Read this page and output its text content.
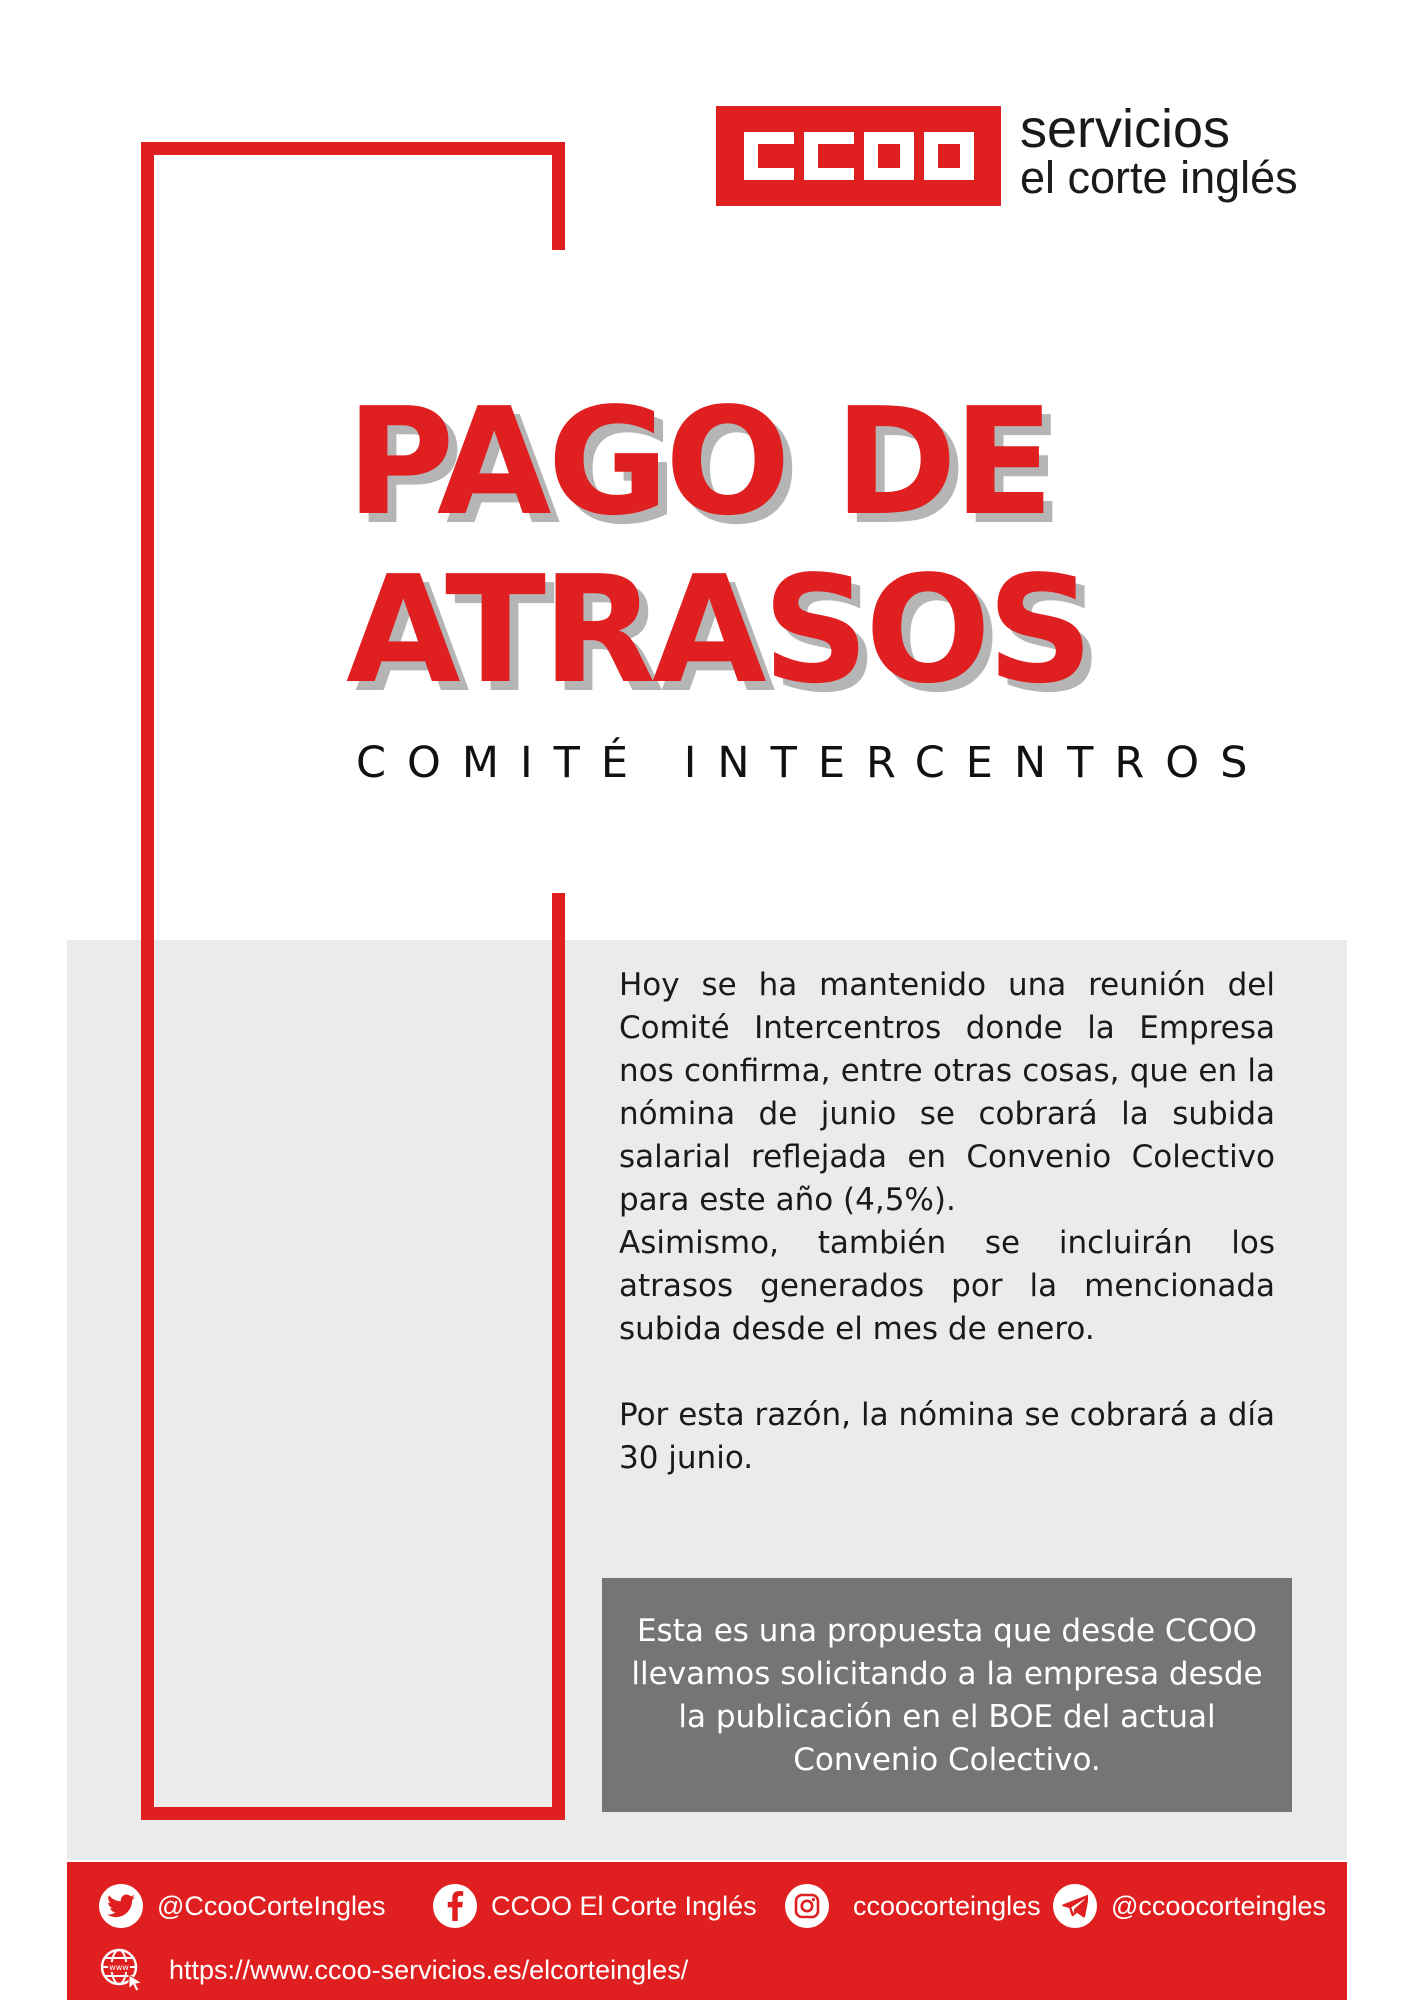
servicios
el corte inglés
PAGO DE
ATRASOS
COMITÉ INTERCENTROS

Hoy se ha mantenido una reunión del Comité Intercentros donde la Empresa nos confirma, entre otras cosas, que en la nómina de junio se cobrará la subida salarial reflejada en Convenio Colectivo para este año (4,5%).

Asimismo, también se incluirán los atrasos generados por la mencionada subida desde el mes de enero.

Por esta razón, la nómina se cobrará a día 30 junio.

Esta es una propuesta que desde CCOO llevamos solicitando a la empresa desde la publicación en el BOE del actual Convenio Colectivo.
@CcooCorteIngles	CCOO El Corte Inglés	ccoocorteingles	@ccoocorteingles
www https://www.ccoo-servicios.es/elcorteingles/
